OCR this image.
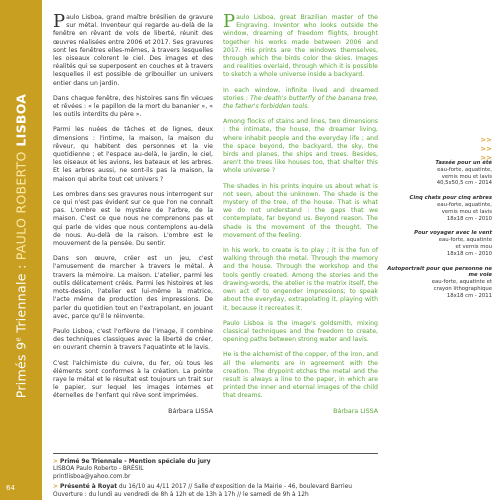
Primés 9e Triennale : PAULO ROBERTO LISBOA
64

Paulo Lisboa, grand maître brésilien de gravure sur métal. Inventeur qui regarde au-delà de la fenêtre en rêvant de vols de liberté, réunit des œuvres réalisées entre 2006 et 2017. Ses gravures sont les fenêtres elles-mêmes, à travers lesquelles les oiseaux colorent le ciel. Des images et des réalités qui se superposent en couches et à travers lesquelles il est possible de gribouiller un univers entier dans un jardin.

Dans chaque fenêtre, des histoires sans fin vécues et rêvées : « le papillon de la mort du bananier », « les outils interdits du père ».

Parmi les nuées de tâches et de lignes, deux dimensions : l'intime, la maison, la maison du rêveur, qu habitent des personnes et la vie quotidienne ; et l'espace au-delà, le jardin, le ciel, les oiseaux et les avions, les bateaux et les arbres. Et les arbres aussi, ne sont-ils pas la maison, la maison qui abrite tout cet univers ?

Les ombres dans ses gravures nous interrogent sur ce qui n'est pas évident sur ce que l'on ne connaît pas. L'ombre est le mystère de l'arbre, de la maison. C'est ce que nous ne comprenons pas et qui parle de vides que nous contemplons au-delà de nous. Au-delà de la raison. L'ombre est le mouvement de la pensée. Du sentir.

Dans son œuvre, créer est un jeu, c'est l'amusement de marcher à travers le métal. À travers la mémoire. La maison. L'atelier, parmi les outils délicatement créés. Parmi les histoires et les mots-dessin, l'atelier est lui-même la matrice, l'acte même de production des impressions. De parler du quotidien tout en l'extrapolant, en jouant avec, parce qu'il le réinvente.

Paulo Lisboa, c'est l'orfèvre de l'image, il combine des techniques classiques avec la liberté de créer, en ouvrant chemin à travers l'aquatinte et le lavis.

C'est l'alchimiste du cuivre, du fer, où tous les éléments sont conformes à la création. La pointe raye le métal et le résultat est toujours un trait sur le papier, sur lequel les images internes et éternelles de l'enfant qui rêve sont imprimées.

Bárbara LISSA

Paulo Lisboa, great Brazilian master of the Engraving. Inventor who looks outside the window, dreaming of freedom flights, brought together his works made between 2006 and 2017. His prints are the windows themselves, through which the birds color the skies. Images and realities overlaid, through which it is possible to sketch a whole universe inside a backyard.

In each window, infinite lived and dreamed stories : The death's butterfly of the banana tree, the father's forbidden tools.

Among flocks of stains and lines, two dimensions : the intimate, the house, the dreamer living, where inhabit people and the everyday life ; and the space beyond, the backyard, the sky, the birds and planes, the ships and trees. Besides, aren't the trees like houses too, that shelter this whole universe ?

The shades in his prints inquire us about what is not seen, about the unknown. The shade is the mystery of the tree, of the house. That is what we do not understand : the gaps that we contemplate, far beyond us. Beyond reason. The shade is the movement of the thought. The movement of the feeling.

In his work, to create is to play ; it is the fun of walking through the metal. Through the memory and the house. Through the workshop and the tools gently created. Among the stories and the drawing-words, the atelier is the matrix itself, the own act of to engender impressions; to speak about the everyday, extrapolating it, playing with it, because it recreates it.

Paulo Lisboa is the image's goldsmith, mixing classical techniques and the freedom to create, opening paths between strong water and lavis.

He is the alchemist of the copper, of the iron, and all the elements are in agreement with the creation. The drypoint etches the metal and the result is always a line to the paper, in which are printed the inner and eternal images of the child that dreams.

Bárbara LISSA
>>
>>
>>
Tassée pour un été
eau-forte, aquatinte,
vernis mou et lavis
40,5x50,5 cm - 2014
Cinq chats pour cinq arbres
eau-forte, aquatinte,
vernis mou et lavis
18x18 cm - 2010
Pour voyager avec le vent
eau-forte, aquatinte
et vernis mou
18x18 cm - 2010
Autoportrait pour que personne ne me voie
eau-forte, aquatinte et
crayon lithographique
18x18 cm - 2011

> Primé 9e Triennale - Mention spéciale du jury

LISBOA Paulo Roberto - BRÉSIL

printlisboa@yahoo.com.br

> Présenté à Royat du 16/10 au 4/11 2017 // Salle d'exposition de la Mairie - 46, boulevard Barrieu

Ouverture : du lundi au vendredi de 8h à 12h et de 13h à 17h // le samedi de 9h à 12h
